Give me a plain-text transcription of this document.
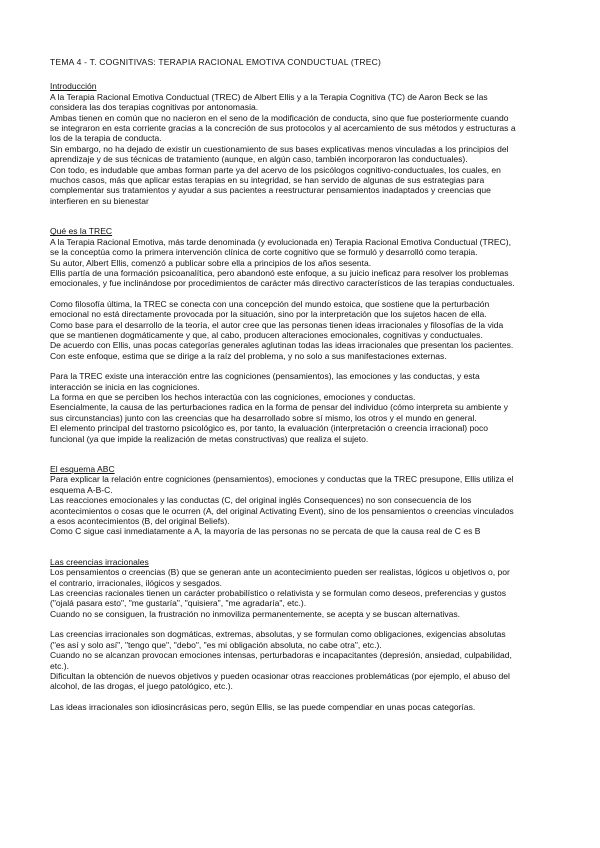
TEMA 4 - T. COGNITIVAS: TERAPIA RACIONAL EMOTIVA CONDUCTUAL (TREC)
Introducción
A la Terapia Racional Emotiva Conductual (TREC) de Albert Ellis y a la Terapia Cognitiva (TC) de Aaron Beck se las
considera las dos terapias cognitivas por antonomasia.
Ambas tienen en común que no nacieron en el seno de la modificación de conducta, sino que fue posteriormente cuando
se integraron en esta corriente gracias a la concreción de sus protocolos y al acercamiento de sus métodos y estructuras a
los de la terapia de conducta.
Sin embargo, no ha dejado de existir un cuestionamiento de sus bases explicativas menos vinculadas a los principios del
aprendizaje y de sus técnicas de tratamiento (aunque, en algún caso, también incorporaron las conductuales).
Con todo, es indudable que ambas forman parte ya del acervo de los psicólogos cognitivo-conductuales, los cuales, en
muchos casos, más que aplicar estas terapias en su integridad, se han servido de algunas de sus estrategias para
complementar sus tratamientos y ayudar a sus pacientes a reestructurar pensamientos inadaptados y creencias que
interfieren en su bienestar
Qué es la TREC
A la Terapia Racional Emotiva, más tarde denominada (y evolucionada en) Terapia Racional Emotiva Conductual (TREC),
se la conceptúa como la primera intervención clínica de corte cognitivo que se formuló y desarrolló como terapia.
Su autor, Albert Ellis, comenzó a publicar sobre ella a principios de los años sesenta.
Ellis partía de una formación psicoanalítica, pero abandonó este enfoque, a su juicio ineficaz para resolver los problemas
emocionales, y fue inclinándose por procedimientos de carácter más directivo característicos de las terapias conductuales.
Como filosofía última, la TREC se conecta con una concepción del mundo estoica, que sostiene que la perturbación
emocional no está directamente provocada por la situación, sino por la interpretación que los sujetos hacen de ella.
Como base para el desarrollo de la teoría, el autor cree que las personas tienen ideas irracionales y filosofías de la vida
que se mantienen dogmáticamente y que, al cabo, producen alteraciones emocionales, cognitivas y conductuales.
De acuerdo con Ellis, unas pocas categorías generales aglutinan todas las ideas irracionales que presentan los pacientes.
Con este enfoque, estima que se dirige a la raíz del problema, y no solo a sus manifestaciones externas.
Para la TREC existe una interacción entre las cogniciones (pensamientos), las emociones y las conductas, y esta
interacción se inicia en las cogniciones.
La forma en que se perciben los hechos interactúa con las cogniciones, emociones y conductas.
Esencialmente, la causa de las perturbaciones radica en la forma de pensar del individuo (cómo interpreta su ambiente y
sus circunstancias) junto con las creencias que ha desarrollado sobre sí mismo, los otros y el mundo en general.
El elemento principal del trastorno psicológico es, por tanto, la evaluación (interpretación o creencia irracional) poco
funcional (ya que impide la realización de metas constructivas) que realiza el sujeto.
El esquema ABC
Para explicar la relación entre cogniciones (pensamientos), emociones y conductas que la TREC presupone, Ellis utiliza el
esquema A-B-C.
Las reacciones emocionales y las conductas (C, del original inglés Consequences) no son consecuencia de los
acontecimientos o cosas que le ocurren (A, del original Activating Event), sino de los pensamientos o creencias vinculados
a esos acontecimientos (B, del original Beliefs).
Como C sigue casi inmediatamente a A, la mayoría de las personas no se percata de que la causa real de C es B
Las creencias irracionales
Los pensamientos o creencias (B) que se generan ante un acontecimiento pueden ser realistas, lógicos u objetivos o, por
el contrario, irracionales, ilógicos y sesgados.
Las creencias racionales tienen un carácter probabilístico o relativista y se formulan como deseos, preferencias y gustos
("ojalá pasara esto", "me gustaría", "quisiera", "me agradaría", etc.).
Cuando no se consiguen, la frustración no inmoviliza permanentemente, se acepta y se buscan alternativas.
Las creencias irracionales son dogmáticas, extremas, absolutas, y se formulan como obligaciones, exigencias absolutas
("es así y solo así", "tengo que", "debo", "es mi obligación absoluta, no cabe otra", etc.).
Cuando no se alcanzan provocan emociones intensas, perturbadoras e incapacitantes (depresión, ansiedad, culpabilidad,
etc.).
Dificultan la obtención de nuevos objetivos y pueden ocasionar otras reacciones problemáticas (por ejemplo, el abuso del
alcohol, de las drogas, el juego patológico, etc.).
Las ideas irracionales son idiosincrásicas pero, según Ellis, se las puede compendiar en unas pocas categorías.
